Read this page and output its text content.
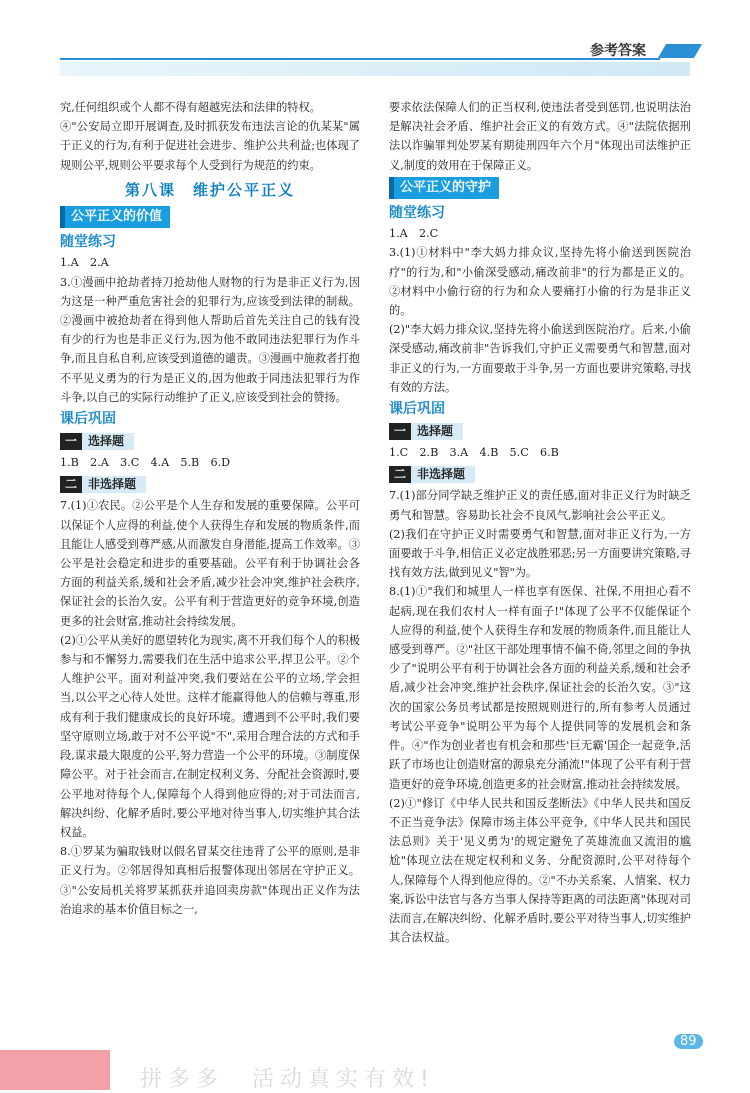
参考答案

究,任何组织或个人都不得有超越宪法和法律的特权。

④"公安局立即开展调查,及时抓获发布违法言论的仇某某"属于正义的行为,有利于促进社会进步、维护公共利益;也体现了规则公平,规则公平要求每个人受到行为规范的约束。

第八课　维护公平正义
公平正义的价值
随堂练习

1.A　2.A

3.①漫画中抢劫者持刀抢劫他人财物的行为是非正义行为,因为这是一种严重危害社会的犯罪行为,应该受到法律的制裁。②漫画中被抢劫者在得到他人帮助后首先关注自己的钱有没有少的行为也是非正义行为,因为他不敢同违法犯罪行为作斗争,而且自私自利,应该受到道德的谴责。③漫画中施救者打抱不平见义勇为的行为是正义的,因为他敢于同违法犯罪行为作斗争,以自己的实际行动维护了正义,应该受到社会的赞扬。

课后巩固
一 选择题

1.B　2.A　3.C　4.A　5.B　6.D

二 非选择题

7.(1)①农民。②公平是个人生存和发展的重要保障。公平可以保证个人应得的利益,使个人获得生存和发展的物质条件,而且能让人感受到尊严感,从而激发自身潜能,提高工作效率。③公平是社会稳定和进步的重要基础。公平有利于协调社会各方面的利益关系,缓和社会矛盾,减少社会冲突,维护社会秩序,保证社会的长治久安。公平有利于营造更好的竞争环境,创造更多的社会财富,推动社会持续发展。

(2)①公平从美好的愿望转化为现实,离不开我们每个人的积极参与和不懈努力,需要我们在生活中追求公平,捍卫公平。②个人维护公平。面对利益冲突,我们要站在公平的立场,学会担当,以公平之心待人处世。这样才能赢得他人的信赖与尊重,形成有利于我们健康成长的良好环境。遭遇到不公平时,我们要坚守原则立场,敢于对不公平说"不",采用合理合法的方式和手段,谋求最大限度的公平,努力营造一个公平的环境。③制度保障公平。对于社会而言,在制定权利义务、分配社会资源时,要公平地对待每个人,保障每个人得到他应得的;对于司法而言,解决纠纷、化解矛盾时,要公平地对待当事人,切实维护其合法权益。

8.①罗某为骗取钱财以假名冒某交往违背了公平的原则,是非正义行为。②邻居得知真相后报警体现出邻居在守护正义。③"公安局机关将罗某抓获并追回卖房款"体现出正义作为法治追求的基本价值目标之一,

要求依法保障人们的正当权利,使违法者受到惩罚,也说明法治是解决社会矛盾、维护社会正义的有效方式。④"法院依据刑法以诈骗罪判处罗某有期徒刑四年六个月"体现出司法维护正义,制度的效用在于保障正义。

公平正义的守护
随堂练习

1.A　2.C

3.(1)①材料中"李大妈力排众议,坚持先将小偷送到医院治疗"的行为,和"小偷深受感动,痛改前非"的行为都是正义的。②材料中小偷行窃的行为和众人要痛打小偷的行为是非正义的。

(2)"李大妈力排众议,坚持先将小偷送到医院治疗。后来,小偷深受感动,痛改前非"告诉我们,守护正义需要勇气和智慧,面对非正义的行为,一方面要敢于斗争,另一方面也要讲究策略,寻找有效的方法。

课后巩固
一 选择题

1.C　2.B　3.A　4.B　5.C　6.B

二 非选择题

7.(1)部分同学缺乏维护正义的责任感,面对非正义行为时缺乏勇气和智慧。容易助长社会不良风气,影响社会公平正义。

(2)我们在守护正义时需要勇气和智慧,面对非正义行为,一方面要敢于斗争,相信正义必定战胜邪恶;另一方面要讲究策略,寻找有效方法,做到见义"智"为。

8.(1)①"我们和城里人一样也享有医保、社保,不用担心看不起病,现在我们农村人一样有面子!"体现了公平不仅能保证个人应得的利益,使个人获得生存和发展的物质条件,而且能让人感受到尊严。②"社区干部处理事情不偏不倚,邻里之间的争执少了"说明公平有利于协调社会各方面的利益关系,缓和社会矛盾,减少社会冲突,维护社会秩序,保证社会的长治久安。③"这次的国家公务员考试都是按照规则进行的,所有参考人员通过考试公平竞争"说明公平为每个人提供同等的发展机会和条件。④"作为创业者也有机会和那些'巨无霸'国企一起竞争,活跃了市场也让创造财富的源泉充分涌流!"体现了公平有利于营造更好的竞争环境,创造更多的社会财富,推动社会持续发展。

(2)①"修订《中华人民共和国反垄断法》《中华人民共和国反不正当竞争法》保障市场主体公平竞争,《中华人民共和国民法总则》关于'见义勇为'的规定避免了英雄流血又流泪的尴尬"体现立法在规定权利和义务、分配资源时,公平对待每个人,保障每个人得到他应得的。②"不办关系案、人情案、权力案,诉讼中法官与各方当事人保持等距离的司法距离"体现对司法而言,在解决纠纷、化解矛盾时,要公平对待当事人,切实维护其合法权益。

89
拼多多　活动真实有效!
